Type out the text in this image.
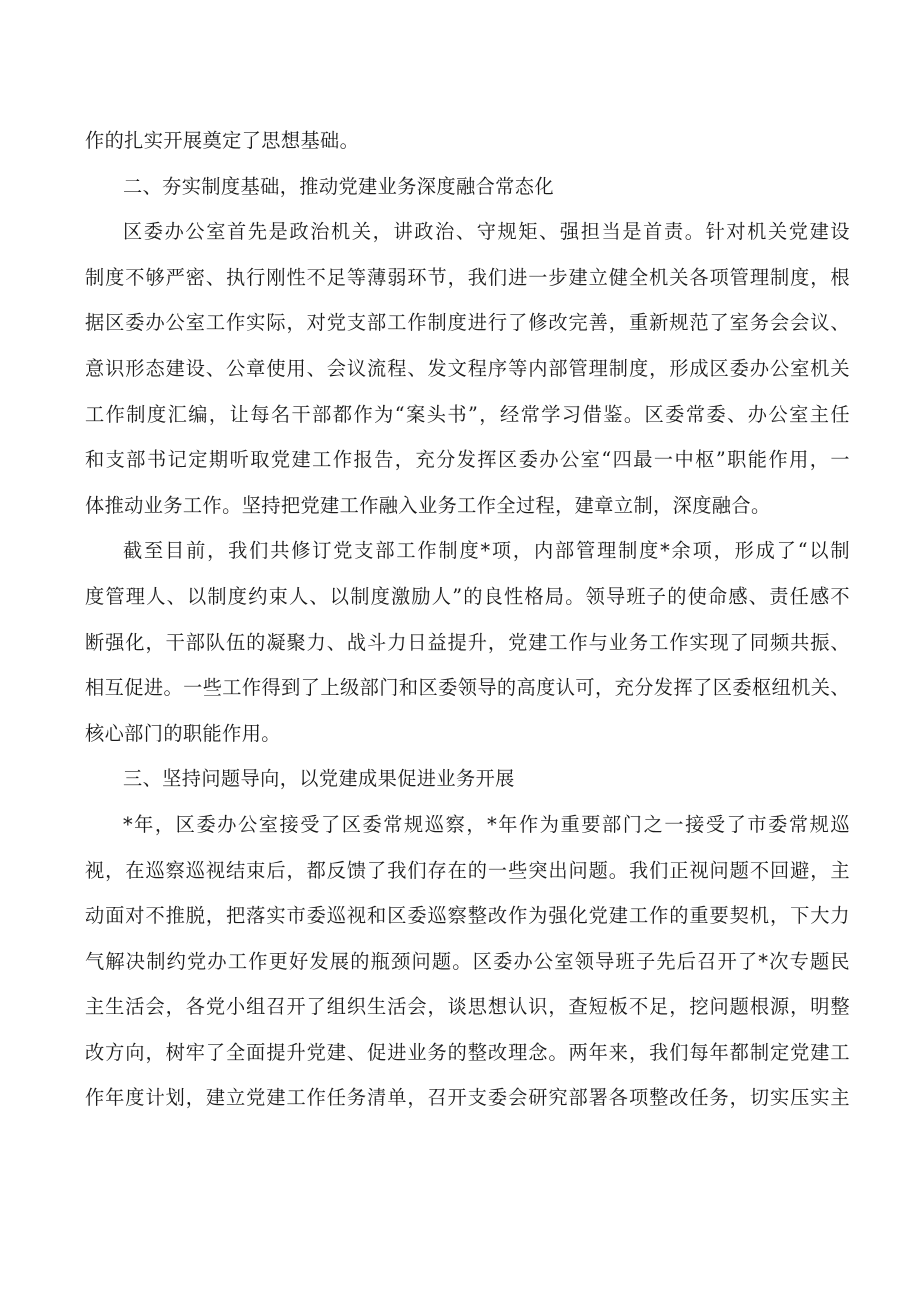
作的扎实开展奠定了思想基础。
二、夯实制度基础，推动党建业务深度融合常态化
区委办公室首先是政治机关，讲政治、守规矩、强担当是首责。针对机关党建设
制度不够严密、执行刚性不足等薄弱环节，我们进一步建立健全机关各项管理制度，根
据区委办公室工作实际，对党支部工作制度进行了修改完善，重新规范了室务会会议、
意识形态建设、公章使用、会议流程、发文程序等内部管理制度，形成区委办公室机关
工作制度汇编，让每名干部都作为“案头书”，经常学习借鉴。区委常委、办公室主任
和支部书记定期听取党建工作报告，充分发挥区委办公室“四最一中枢”职能作用，一
体推动业务工作。坚持把党建工作融入业务工作全过程，建章立制，深度融合。
截至目前，我们共修订党支部工作制度*项，内部管理制度*余项，形成了“以制
度管理人、以制度约束人、以制度激励人”的良性格局。领导班子的使命感、责任感不
断强化，干部队伍的凝聚力、战斗力日益提升，党建工作与业务工作实现了同频共振、
相互促进。一些工作得到了上级部门和区委领导的高度认可，充分发挥了区委枢纽机关、
核心部门的职能作用。
三、坚持问题导向，以党建成果促进业务开展
*年，区委办公室接受了区委常规巡察，*年作为重要部门之一接受了市委常规巡
视，在巡察巡视结束后，都反馈了我们存在的一些突出问题。我们正视问题不回避，主
动面对不推脱，把落实市委巡视和区委巡察整改作为强化党建工作的重要契机，下大力
气解决制约党办工作更好发展的瓶颈问题。区委办公室领导班子先后召开了*次专题民
主生活会，各党小组召开了组织生活会，谈思想认识，查短板不足，挖问题根源，明整
改方向，树牢了全面提升党建、促进业务的整改理念。两年来，我们每年都制定党建工
作年度计划，建立党建工作任务清单，召开支委会研究部署各项整改任务，切实压实主
